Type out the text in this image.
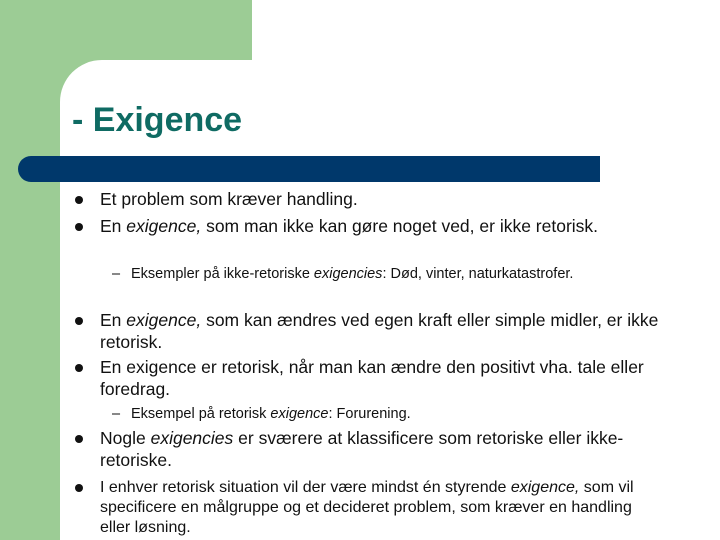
- Exigence
Et problem som kræver handling.
En exigence, som man ikke kan gøre noget ved, er ikke retorisk.
– Eksempler på ikke-retoriske exigencies: Død, vinter, naturkatastrofer.
En exigence, som kan ændres ved egen kraft eller simple midler, er ikke retorisk.
En exigence er retorisk, når man kan ændre den positivt vha. tale eller foredrag.
– Eksempel på retorisk exigence: Forurening.
Nogle exigencies er sværere at klassificere som retoriske eller ikke-retoriske.
I enhver retorisk situation vil der være mindst én styrende exigence, som vil specificere en målgruppe og et decideret problem, som kræver en handling eller løsning.
